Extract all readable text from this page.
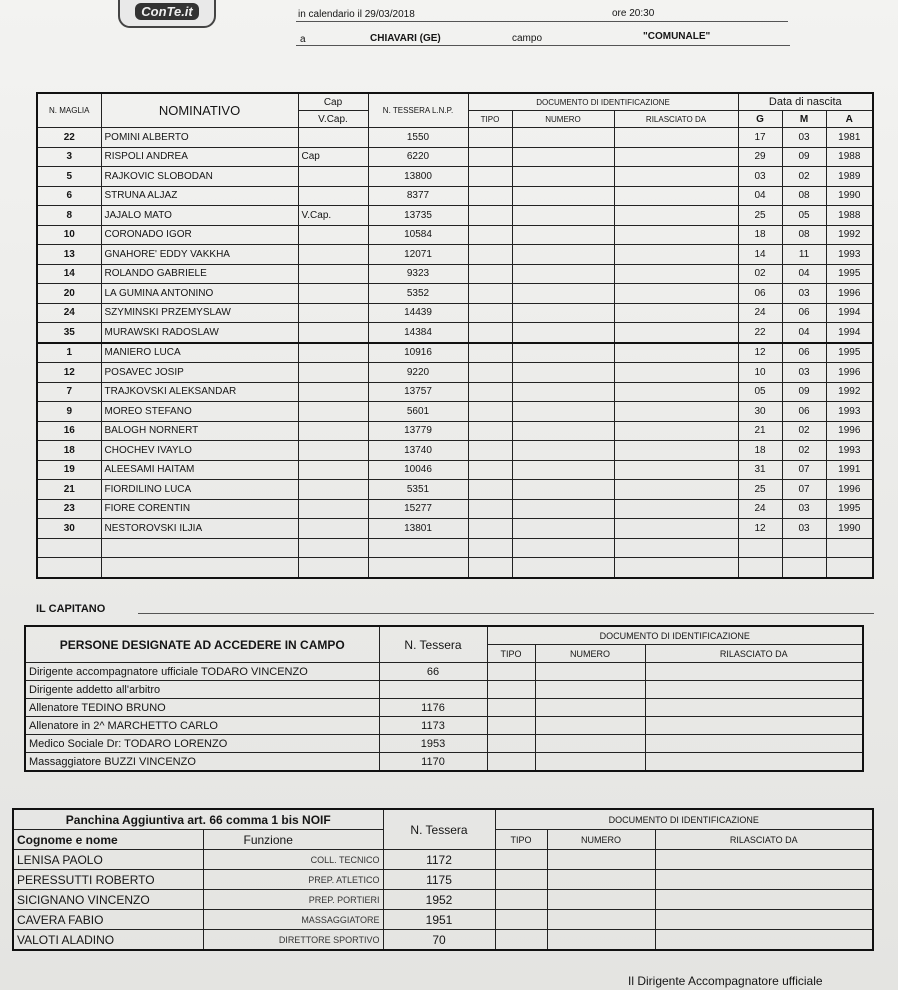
ConTe.it	in calendario il 29/03/2018	ore 20:30
a	CHIAVARI (GE)	campo	"COMUNALE"
N. MAGLIA	NOMINATIVO	Cap	N. TESSERA L.N.P.	DOCUMENTO DI IDENTIFICAZIONE			Data di nascita		
		V.Cap.		TIPO	NUMERO	RILASCIATO DA	G	M	A
22	POMINI ALBERTO		1550				17	03	1981
3	RISPOLI ANDREA	Cap	6220				29	09	1988
5	RAJKOVIC SLOBODAN		13800				03	02	1989
6	STRUNA ALJAZ		8377				04	08	1990
8	JAJALO MATO	V.Cap.	13735				25	05	1988
10	CORONADO IGOR		10584				18	08	1992
13	GNAHORE' EDDY VAKKHA		12071				14	11	1993
14	ROLANDO GABRIELE		9323				02	04	1995
20	LA GUMINA ANTONINO		5352				06	03	1996
24	SZYMINSKI PRZEMYSLAW		14439				24	06	1994
35	MURAWSKI RADOSLAW		14384				22	04	1994
1	MANIERO LUCA		10916				12	06	1995
12	POSAVEC JOSIP		9220				10	03	1996
7	TRAJKOVSKI ALEKSANDAR		13757				05	09	1992
9	MOREO STEFANO		5601				30	06	1993
16	BALOGH NORNERT		13779				21	02	1996
18	CHOCHEV IVAYLO		13740				18	02	1993
19	ALEESAMI HAITAM		10046				31	07	1991
21	FIORDILINO LUCA		5351				25	07	1996
23	FIORE CORENTIN		15277				24	03	1995
30	NESTOROVSKI ILJIA		13801				12	03	1990

IL CAPITANO
PERSONE DESIGNATE AD ACCEDERE IN CAMPO	N. Tessera	DOCUMENTO DI IDENTIFICAZIONE		
		TIPO	NUMERO	RILASCIATO DA
Dirigente accompagnatore ufficiale TODARO VINCENZO	66			
Dirigente addetto all'arbitro				
Allenatore TEDINO BRUNO	1176			
Allenatore in 2^ MARCHETTO CARLO	1173			
Medico Sociale Dr: TODARO LORENZO	1953			
Massaggiatore BUZZI VINCENZO	1170			
Panchina Aggiuntiva art. 66 comma 1 bis NOIF		N. Tessera	DOCUMENTO DI IDENTIFICAZIONE		
Cognome e nome	Funzione		TIPO	NUMERO	RILASCIATO DA
LENISA PAOLO	COLL. TECNICO	1172			
PERESSUTTI ROBERTO	PREP. ATLETICO	1175			
SICIGNANO VINCENZO	PREP. PORTIERI	1952			
CAVERA FABIO	MASSAGGIATORE	1951			
VALOTI ALADINO	DIRETTORE SPORTIVO	70			
Il Dirigente Accompagnatore ufficiale
